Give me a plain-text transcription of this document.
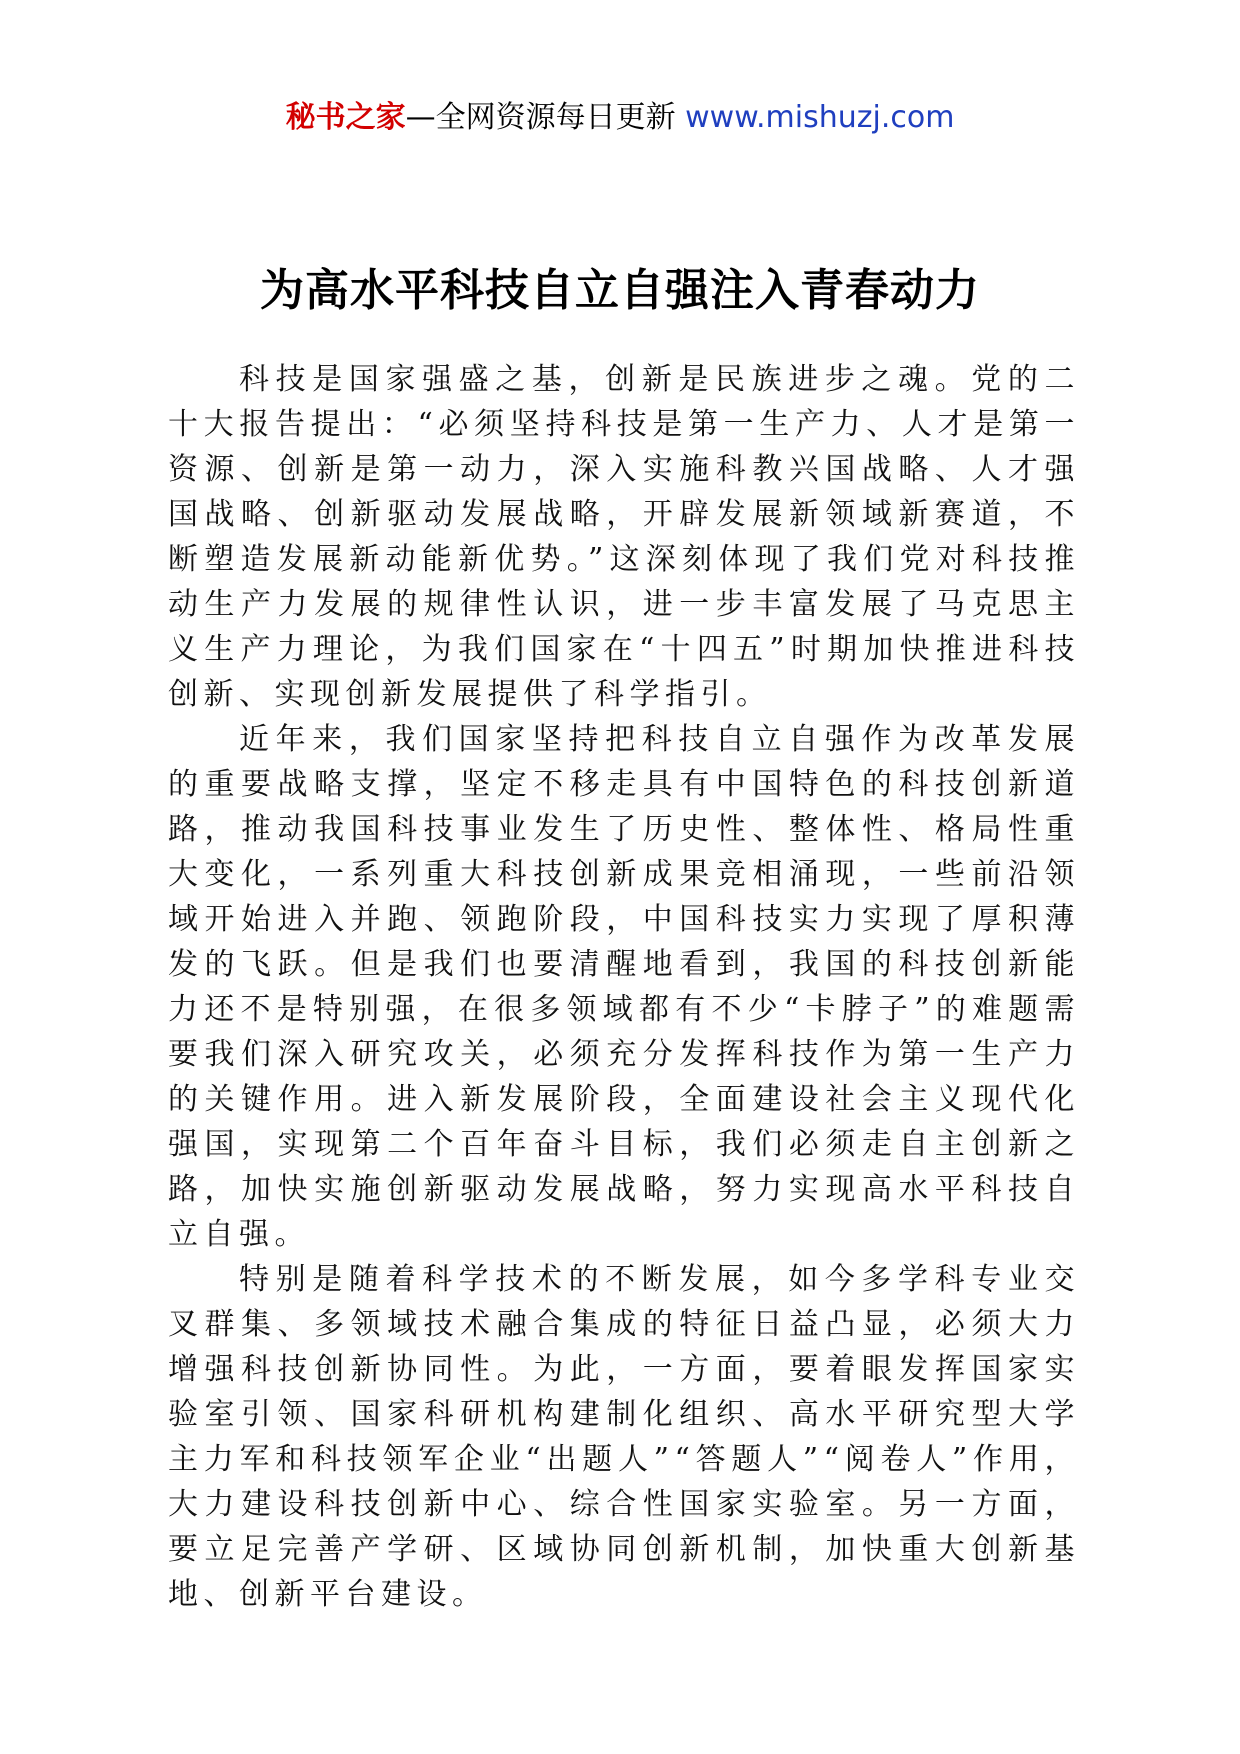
秘书之家—全网资源每日更新 www.mishuzj.com
为高水平科技自立自强注入青春动力

科技是国家强盛之基，创新是民族进步之魂。党的二十大报告提出：“必须坚持科技是第一生产力、人才是第一资源、创新是第一动力，深入实施科教兴国战略、人才强国战略、创新驱动发展战略，开辟发展新领域新赛道，不断塑造发展新动能新优势。”这深刻体现了我们党对科技推动生产力发展的规律性认识，进一步丰富发展了马克思主义生产力理论，为我们国家在“十四五”时期加快推进科技创新、实现创新发展提供了科学指引。

近年来，我们国家坚持把科技自立自强作为改革发展的重要战略支撑，坚定不移走具有中国特色的科技创新道路，推动我国科技事业发生了历史性、整体性、格局性重大变化，一系列重大科技创新成果竞相涌现，一些前沿领域开始进入并跑、领跑阶段，中国科技实力实现了厚积薄发的飞跃。但是我们也要清醒地看到，我国的科技创新能力还不是特别强，在很多领域都有不少“卡脖子”的难题需要我们深入研究攻关，必须充分发挥科技作为第一生产力的关键作用。进入新发展阶段，全面建设社会主义现代化强国，实现第二个百年奋斗目标，我们必须走自主创新之路，加快实施创新驱动发展战略，努力实现高水平科技自立自强。

特别是随着科学技术的不断发展，如今多学科专业交叉群集、多领域技术融合集成的特征日益凸显，必须大力增强科技创新协同性。为此，一方面，要着眼发挥国家实验室引领、国家科研机构建制化组织、高水平研究型大学主力军和科技领军企业“出题人”“答题人”“阅卷人”作用，大力建设科技创新中心、综合性国家实验室。另一方面，要立足完善产学研、区域协同创新机制，加快重大创新基地、创新平台建设。
